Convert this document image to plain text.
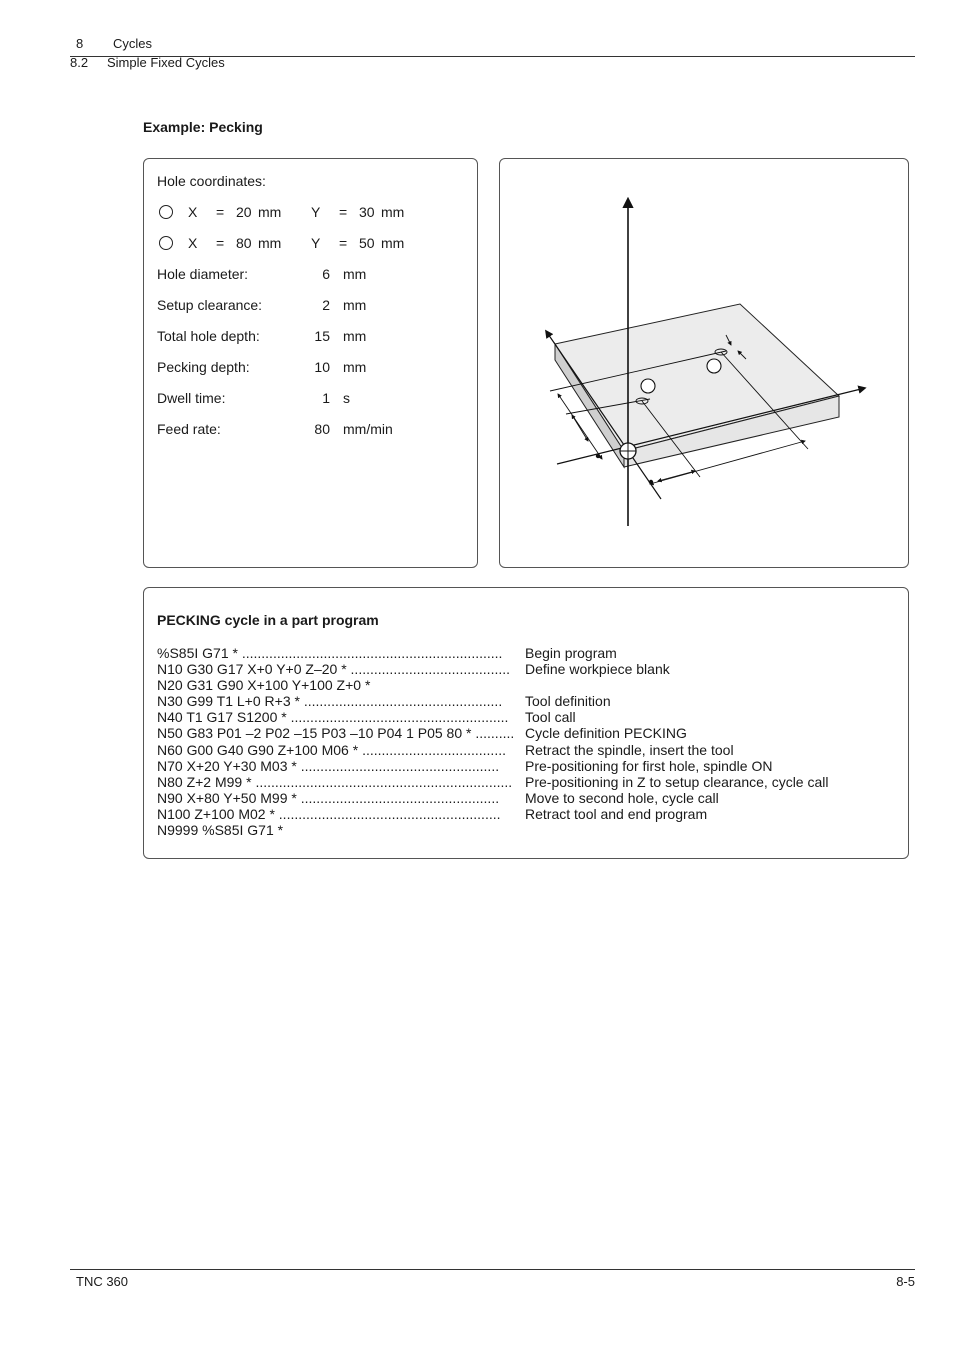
8 Cycles
8.2 Simple Fixed Cycles
Example: Pecking
Hole coordinates:
X = 20 mm Y = 30 mm
X = 80 mm Y = 50 mm
Hole diameter:	6 mm
Setup clearance:	2 mm
Total hole depth:	15 mm
Pecking depth:	10 mm
Dwell time:	1 s
Feed rate:	80 mm/min
PECKING cycle in a part program
%S85I G71 * ...................................................................	Begin program
N10 G30 G17 X+0 Y+0 Z–20 * .........................................	Define workpiece blank
N20 G31 G90 X+100 Y+100 Z+0 *
N30 G99 T1 L+0 R+3 * ...................................................	Tool definition
N40 T1 G17 S1200 * ........................................................	Tool call
N50 G83 P01 –2 P02 –15 P03 –10 P04 1 P05 80 * .......... Cycle definition PECKING
N60 G00 G40 G90 Z+100 M06 * .....................................	Retract the spindle, insert the tool
N70 X+20 Y+30 M03 * ...................................................	Pre-positioning for first hole, spindle ON
N80 Z+2 M99 * .................................................................. Pre-positioning in Z to setup clearance, cycle call
N90 X+80 Y+50 M99 * ...................................................	Move to second hole, cycle call
N100 Z+100 M02 * .........................................................	Retract tool and end program
N9999 %S85I G71 *
TNC 360	8-5
